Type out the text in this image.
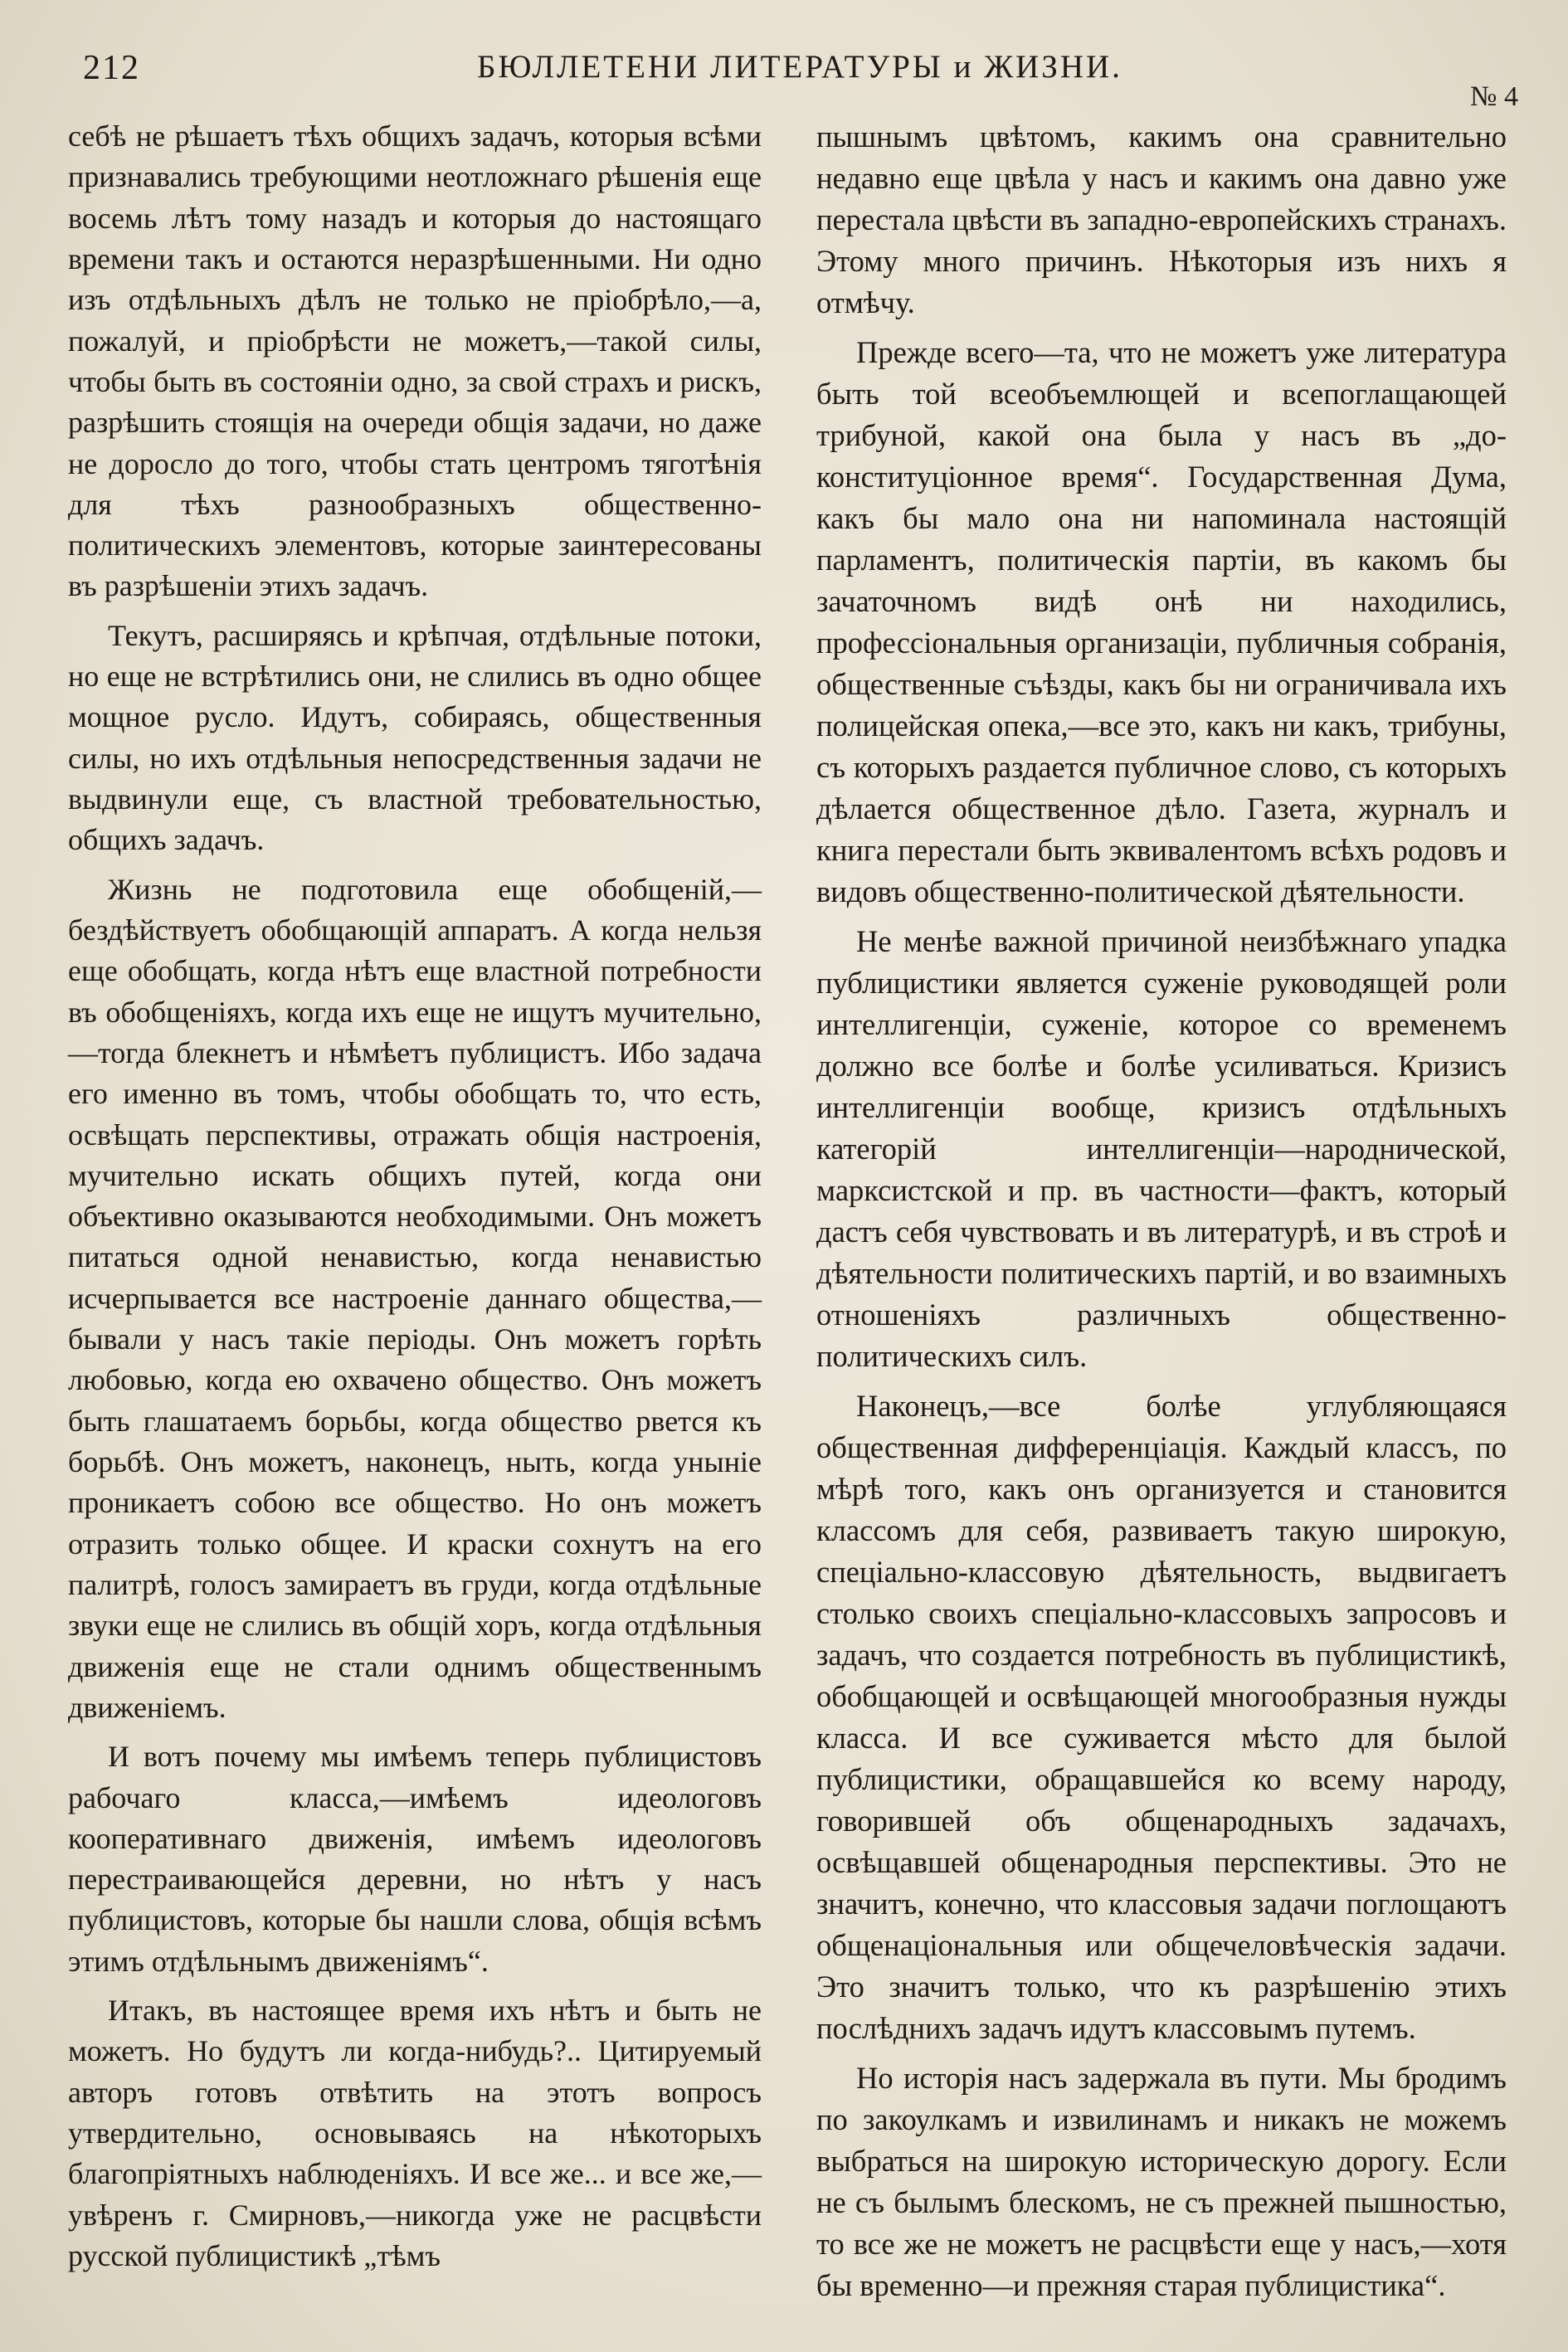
212	БЮЛЛЕТЕНИ ЛИТЕРАТУРЫ и ЖИЗНИ.
№ 4

себѣ не рѣшаетъ тѣхъ общихъ задачъ, которыя всѣми признавались требующими неотложнаго рѣшенія еще восемь лѣтъ тому назадъ и которыя до настоящаго времени такъ и остаются неразрѣшенными. Ни одно изъ отдѣльныхъ дѣлъ не только не пріобрѣло,—а, пожалуй, и пріобрѣсти не можетъ,—такой силы, чтобы быть въ состояніи одно, за свой страхъ и рискъ, разрѣшить стоящія на очереди общія задачи, но даже не доросло до того, чтобы стать центромъ тяготѣнія для тѣхъ разнообразныхъ общественно-политическихъ элементовъ, которые заинтересованы въ разрѣшеніи этихъ задачъ.

Текутъ, расширяясь и крѣпчая, отдѣльные потоки, но еще не встрѣтились они, не слились въ одно общее мощное русло. Идутъ, собираясь, общественныя силы, но ихъ отдѣльныя непосредственныя задачи не выдвинули еще, съ властной требовательностью, общихъ задачъ.

Жизнь не подготовила еще обобщеній,—бездѣйствуетъ обобщающій аппаратъ. А когда нельзя еще обобщать, когда нѣтъ еще властной потребности въ обобщеніяхъ, когда ихъ еще не ищутъ мучительно,—тогда блекнетъ и нѣмѣетъ публицистъ. Ибо задача его именно въ томъ, чтобы обобщать то, что есть, освѣщать перспективы, отражать общія настроенія, мучительно искать общихъ путей, когда они объективно оказываются необходимыми. Онъ можетъ питаться одной ненавистью, когда ненавистью исчерпывается все настроеніе даннаго общества,—бывали у насъ такіе періоды. Онъ можетъ горѣть любовью, когда ею охвачено общество. Онъ можетъ быть глашатаемъ борьбы, когда общество рвется къ борьбѣ. Онъ можетъ, наконецъ, ныть, когда уныніе проникаетъ собою все общество. Но онъ можетъ отразить только общее. И краски сохнутъ на его палитрѣ, голосъ замираетъ въ груди, когда отдѣльные звуки еще не слились въ общій хоръ, когда отдѣльныя движенія еще не стали однимъ общественнымъ движеніемъ.

И вотъ почему мы имѣемъ теперь публицистовъ рабочаго класса,—имѣемъ идеологовъ кооперативнаго движенія, имѣемъ идеологовъ перестраивающейся деревни, но нѣтъ у насъ публицистовъ, которые бы нашли слова, общія всѣмъ этимъ отдѣльнымъ движеніямъ“.

Итакъ, въ настоящее время ихъ нѣтъ и быть не можетъ. Но будутъ ли когда-нибудь?.. Цитируемый авторъ готовъ отвѣтить на этотъ вопросъ утвердительно, основываясь на нѣкоторыхъ благопріятныхъ наблюденіяхъ. И все же... и все же,—увѣренъ г. Смирновъ,—никогда уже не расцвѣсти русской публицистикѣ „тѣмъ

пышнымъ цвѣтомъ, какимъ она сравнительно недавно еще цвѣла у насъ и какимъ она давно уже перестала цвѣсти въ западно-европейскихъ странахъ. Этому много причинъ. Нѣкоторыя изъ нихъ я отмѣчу.

Прежде всего—та, что не можетъ уже литература быть той всеобъемлющей и всепоглащающей трибуной, какой она была у насъ въ „до-конституціонное время“. Государственная Дума, какъ бы мало она ни напоминала настоящій парламентъ, политическія партіи, въ какомъ бы зачаточномъ видѣ онѣ ни находились, профессіональныя организаціи, публичныя собранія, общественные съѣзды, какъ бы ни ограничивала ихъ полицейская опека,—все это, какъ ни какъ, трибуны, съ которыхъ раздается публичное слово, съ которыхъ дѣлается общественное дѣло. Газета, журналъ и книга перестали быть эквивалентомъ всѣхъ родовъ и видовъ общественно-политической дѣятельности.

Не менѣе важной причиной неизбѣжнаго упадка публицистики является суженіе руководящей роли интеллигенціи, суженіе, которое со временемъ должно все болѣе и болѣе усиливаться. Кризисъ интеллигенціи вообще, кризисъ отдѣльныхъ категорій интеллигенціи—народнической, марксистской и пр. въ частности—фактъ, который дастъ себя чувствовать и въ литературѣ, и въ строѣ и дѣятельности политическихъ партій, и во взаимныхъ отношеніяхъ различныхъ общественно-политическихъ силъ.

Наконецъ,—все болѣе углубляющаяся общественная дифференціація. Каждый классъ, по мѣрѣ того, какъ онъ организуется и становится классомъ для себя, развиваетъ такую широкую, спеціально-классовую дѣятельность, выдвигаетъ столько своихъ спеціально-классовыхъ запросовъ и задачъ, что создается потребность въ публицистикѣ, обобщающей и освѣщающей многообразныя нужды класса. И все суживается мѣсто для былой публицистики, обращавшейся ко всему народу, говорившей объ общенародныхъ задачахъ, освѣщавшей общенародныя перспективы. Это не значитъ, конечно, что классовыя задачи поглощаютъ общенаціональныя или общечеловѣческія задачи. Это значитъ только, что къ разрѣшенію этихъ послѣднихъ задачъ идутъ классовымъ путемъ.

Но исторія насъ задержала въ пути. Мы бродимъ по закоулкамъ и извилинамъ и никакъ не можемъ выбраться на широкую историческую дорогу. Если не съ былымъ блескомъ, не съ прежней пышностью, то все же не можетъ не расцвѣсти еще у насъ,—хотя бы временно—и прежняя старая публицистика“.
